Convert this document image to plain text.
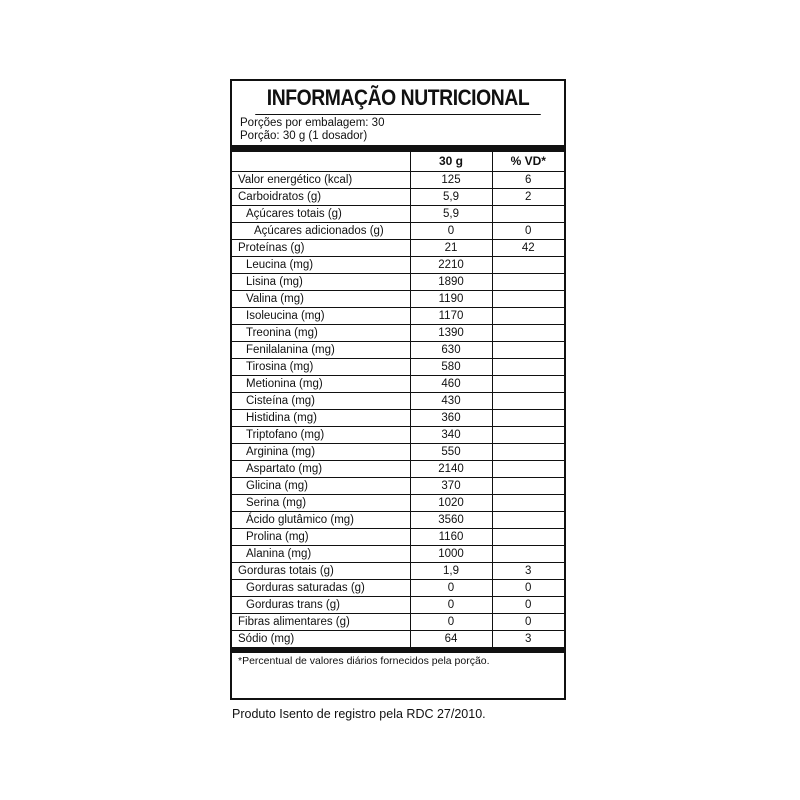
INFORMAÇÃO NUTRICIONAL
Porções por embalagem: 30
Porção: 30 g (1 dosador)
	30 g	% VD*
Valor energético (kcal)	125	6
Carboidratos (g)	5,9	2
Açúcares totais (g)	5,9	
Açúcares adicionados (g)	0	0
Proteínas (g)	21	42
Leucina (mg)	2210	
Lisina (mg)	1890	
Valina (mg)	1190	
Isoleucina (mg)	1170	
Treonina (mg)	1390	
Fenilalanina (mg)	630	
Tirosina (mg)	580	
Metionina (mg)	460	
Cisteína (mg)	430	
Histidina (mg)	360	
Triptofano (mg)	340	
Arginina (mg)	550	
Aspartato (mg)	2140	
Glicina (mg)	370	
Serina (mg)	1020	
Ácido glutâmico (mg)	3560	
Prolina (mg)	1160	
Alanina (mg)	1000	
Gorduras totais (g)	1,9	3
Gorduras saturadas (g)	0	0
Gorduras trans (g)	0	0
Fibras alimentares (g)	0	0
Sódio (mg)	64	3
*Percentual de valores diários fornecidos pela porção.
Produto Isento de registro pela RDC 27/2010.
